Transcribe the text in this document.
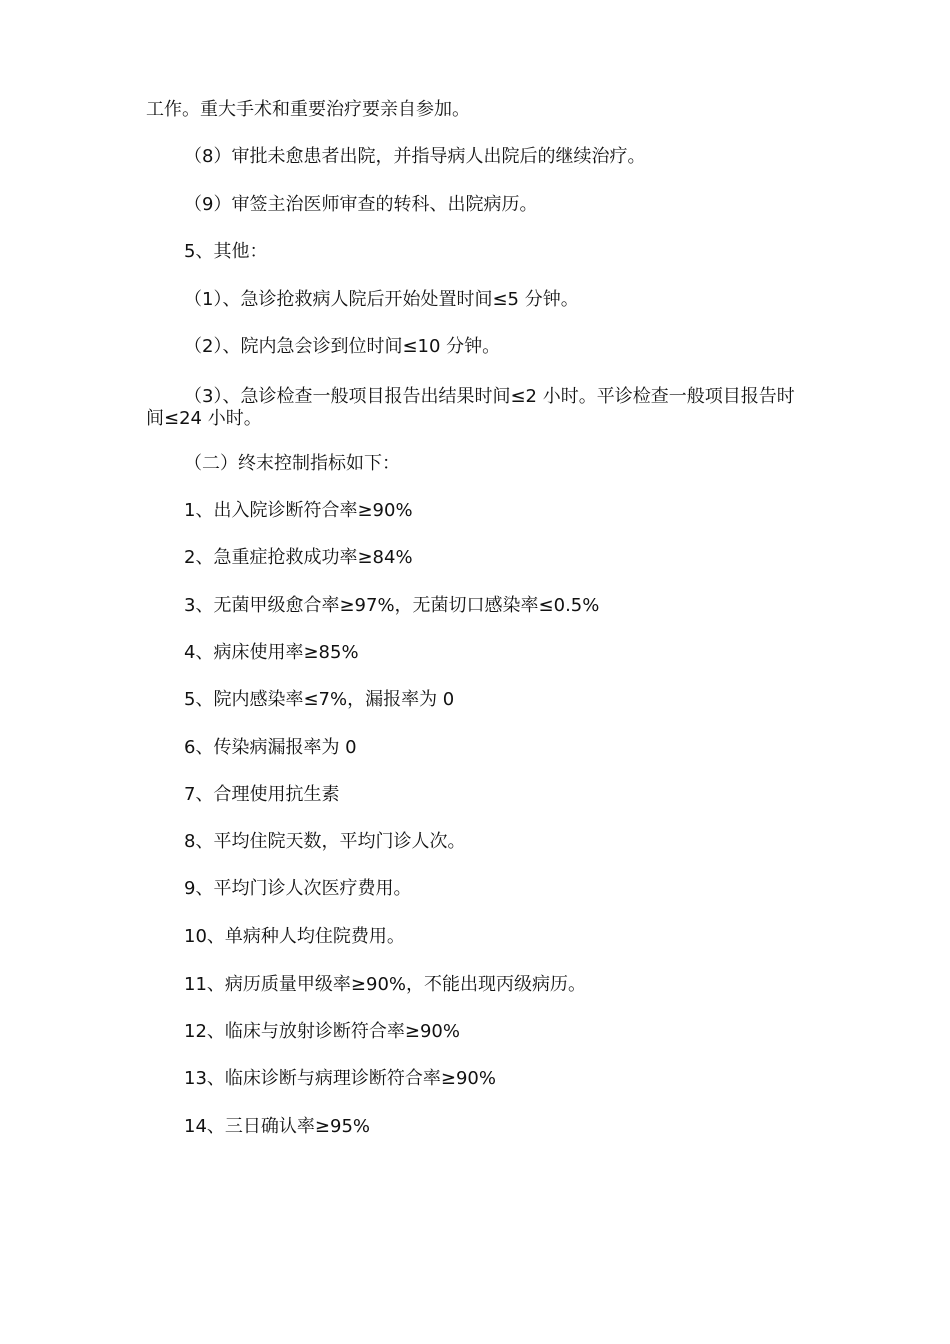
工作。重大手术和重要治疗要亲自参加。
（8）审批未愈患者出院，并指导病人出院后的继续治疗。
（9）审签主治医师审查的转科、出院病历。
5、其他：
（1）、急诊抢救病人院后开始处置时间≤5 分钟。
（2）、院内急会诊到位时间≤10 分钟。
（3）、急诊检查一般项目报告出结果时间≤2 小时。平诊检查一般项目报告时间≤24 小时。
（二）终末控制指标如下：
1、出入院诊断符合率≥90%
2、急重症抢救成功率≥84%
3、无菌甲级愈合率≥97%，无菌切口感染率≤0.5%
4、病床使用率≥85%
5、院内感染率≤7%，漏报率为 0
6、传染病漏报率为 0
7、合理使用抗生素
8、平均住院天数，平均门诊人次。
9、平均门诊人次医疗费用。
10、单病种人均住院费用。
11、病历质量甲级率≥90%，不能出现丙级病历。
12、临床与放射诊断符合率≥90%
13、临床诊断与病理诊断符合率≥90%
14、三日确认率≥95%
